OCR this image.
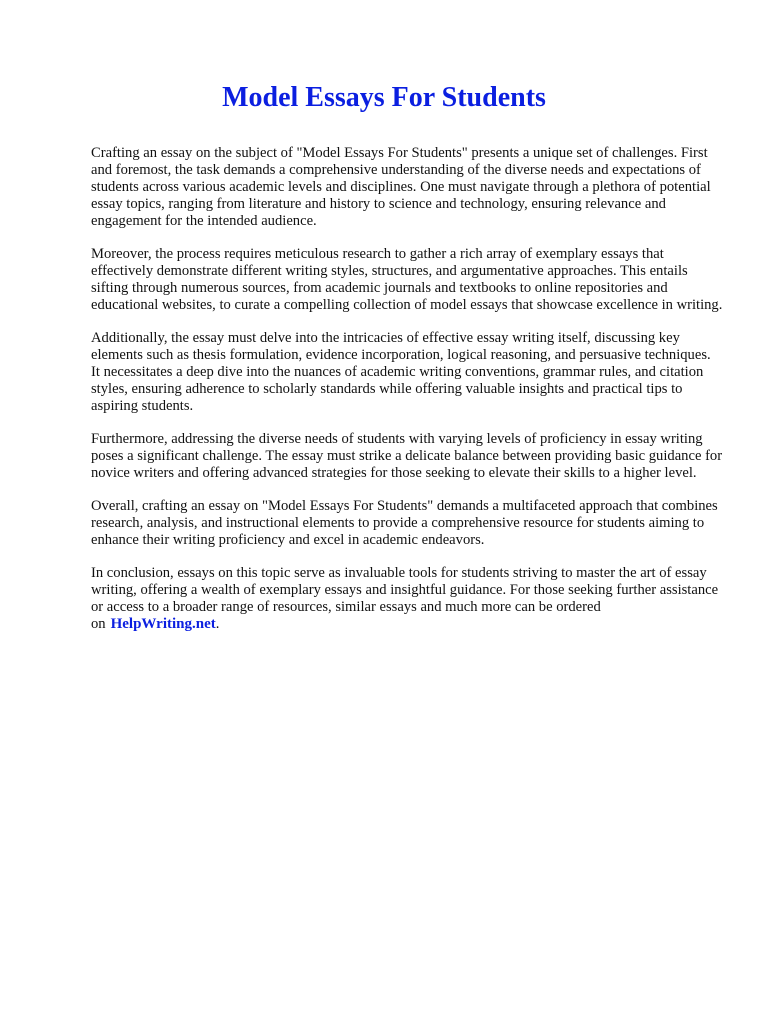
Model Essays For Students

Crafting an essay on the subject of "Model Essays For Students" presents a unique set of challenges. First and foremost, the task demands a comprehensive understanding of the diverse needs and expectations of students across various academic levels and disciplines. One must navigate through a plethora of potential essay topics, ranging from literature and history to science and technology, ensuring relevance and engagement for the intended audience.

Moreover, the process requires meticulous research to gather a rich array of exemplary essays that effectively demonstrate different writing styles, structures, and argumentative approaches. This entails sifting through numerous sources, from academic journals and textbooks to online repositories and educational websites, to curate a compelling collection of model essays that showcase excellence in writing.

Additionally, the essay must delve into the intricacies of effective essay writing itself, discussing key elements such as thesis formulation, evidence incorporation, logical reasoning, and persuasive techniques. It necessitates a deep dive into the nuances of academic writing conventions, grammar rules, and citation styles, ensuring adherence to scholarly standards while offering valuable insights and practical tips to aspiring students.

Furthermore, addressing the diverse needs of students with varying levels of proficiency in essay writing poses a significant challenge. The essay must strike a delicate balance between providing basic guidance for novice writers and offering advanced strategies for those seeking to elevate their skills to a higher level.

Overall, crafting an essay on "Model Essays For Students" demands a multifaceted approach that combines research, analysis, and instructional elements to provide a comprehensive resource for students aiming to enhance their writing proficiency and excel in academic endeavors.

In conclusion, essays on this topic serve as invaluable tools for students striving to master the art of essay writing, offering a wealth of exemplary essays and insightful guidance. For those seeking further assistance or access to a broader range of resources, similar essays and much more can be ordered on HelpWriting.net.
